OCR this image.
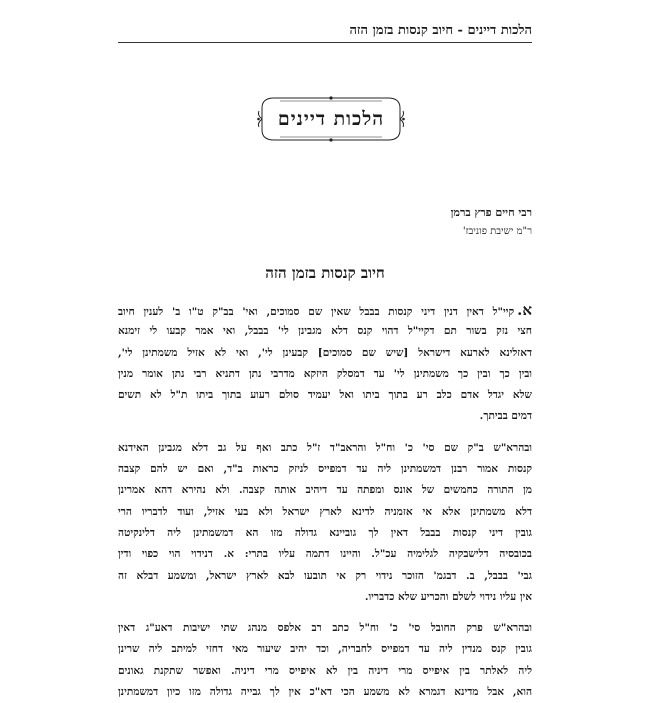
הלכות דיינים - חיוב קנסות בזמן הזה
הלכות דיינים
רבי חיים פרץ ברמן
ר"מ ישיבת פוניבז'
חיוב קנסות בזמן הזה
א.קיי"ל דאין דנין דיני קנסות בבבל שאין שם סמוכים, ואי' בב"ק ט"ו ב' לענין חיוב
חצי נזק בשור תם דקיי"ל דהוי קנס דלא מגבינן לי' בבבל, ואי אמר קבעו לי זימנא
דאזלינא לארעא דישראל [שיש שם סמוכים] קבעינן לי', ואי לא אזיל משמתינן לי',
ובין כך ובין כך משמתינן לי' עד דמסלק היזקא מדרבי נתן דתניא רבי נתן אומר מנין
שלא יגדל אדם כלב רע בתוך ביתו ואל יעמיד סולם רעוע בתוך ביתו ת"ל לא תשים
דמים בביתך.
ובהרא"ש ב"ק שם סי' כ' וח"ל והראב"ד ז"ל כתב ואף על גב דלא מגבינן האידנא
קנסות אמור רבנן דמשמתינן ליה עד דמפייס לניזק כראות ב"ד, ואם יש להם קצבה
מן התורה כחמשים של אונס ומפתה עד דיהיב אותה קצבה. ולא נהירא דהא אמרינן
דלא משמתינן אלא אי אזמניה לדינא לארץ ישראל ולא בעי אזיל, ועוד לדבריו הרי
גובין דיני קנסות בבבל דאין לך גוביינא גדולה מזו הא דמשמתינן ליה דלינקיטה
בכובסיה דלישבקיה לגלימיה עכ"ל. והיינו דתמה עליו בתרי: א. דנידוי הוי כפוי ודין
גבי' בבבל, ב. דבגמ' הזוכר נידוי רק אי תובעו לבא לארץ ישראל, ומשמע דבלא זה
אין עליו נידוי לשלם והכריע שלא כדבריו.
ובהרא"ש פרק החובל סי' כ' וח"ל כתב רב אלפס מנהג שתי ישיבות דאע"ג דאין
גובין קנס מנדין ליה עד דמפייס לחבריה, וכד יהיב שיעור מאי דחזי למיתב ליה שרינן
ליה לאלתר בין איפייס מרי דיניה בין לא איפייס מרי דיניה. ואפשר שתקנת גאונים
הוא, אבל מדינא דגמרא לא משמע הכי דא"כ אין לך גבייה גדולה מזו כיון דמשמתינן
